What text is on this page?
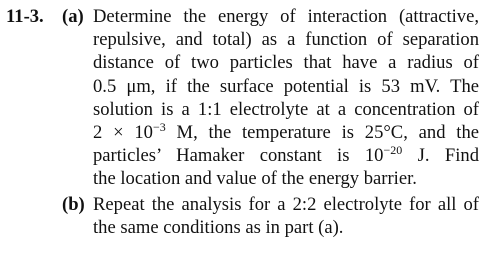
11-3. (a) Determine the energy of interaction (attractive,
repulsive, and total) as a function of separation
distance of two particles that have a radius of
0.5 μm, if the surface potential is 53 mV. The
solution is a 1:1 electrolyte at a concentration of
$2 \times 10^{-3}$ M, the temperature is 25°C, and the
particles’ Hamaker constant is $10^{-20}$ J. Find
the location and value of the energy barrier.
(b) Repeat the analysis for a 2:2 electrolyte for all of
the same conditions as in part (a).
